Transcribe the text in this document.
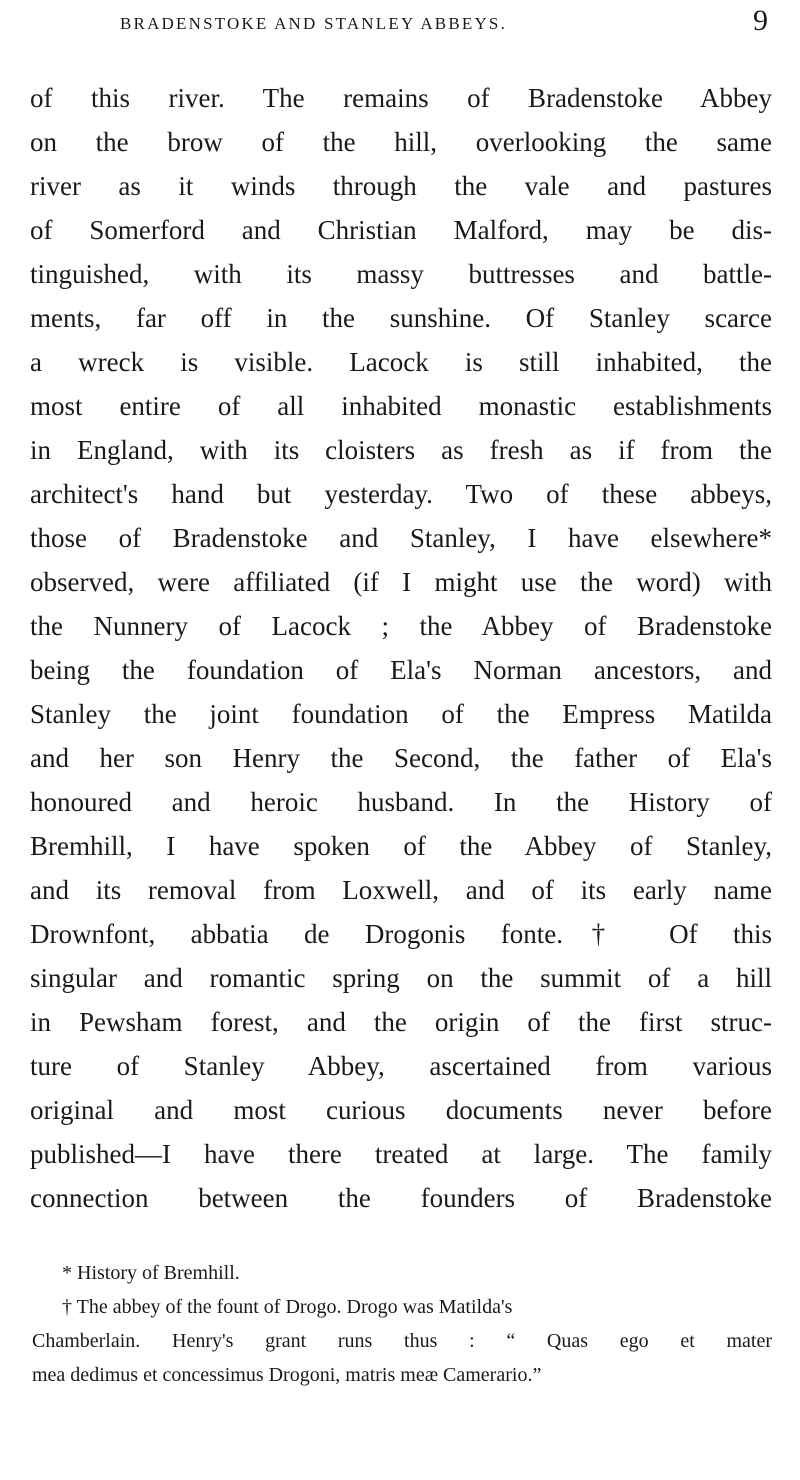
BRADENSTOKE AND STANLEY ABBEYS.	9
of this river. The remains of Bradenstoke Abbey
on the brow of the hill, overlooking the same
river as it winds through the vale and pastures
of Somerford and Christian Malford, may be dis-
tinguished, with its massy buttresses and battle-
ments, far off in the sunshine. Of Stanley scarce
a wreck is visible. Lacock is still inhabited, the
most entire of all inhabited monastic establishments
in England, with its cloisters as fresh as if from the
architect's hand but yesterday. Two of these abbeys,
those of Bradenstoke and Stanley, I have elsewhere*
observed, were affiliated (if I might use the word) with
the Nunnery of Lacock ; the Abbey of Bradenstoke
being the foundation of Ela's Norman ancestors, and
Stanley the joint foundation of the Empress Matilda
and her son Henry the Second, the father of Ela's
honoured and heroic husband. In the History of
Bremhill, I have spoken of the Abbey of Stanley,
and its removal from Loxwell, and of its early name
Drownfont, abbatia de Drogonis fonte.† Of this
singular and romantic spring on the summit of a hill
in Pewsham forest, and the origin of the first struc-
ture of Stanley Abbey, ascertained from various
original and most curious documents never before
published—I have there treated at large. The family
connection between the founders of Bradenstoke
* History of Bremhill.
† The abbey of the fount of Drogo. Drogo was Matilda's
Chamberlain. Henry's grant runs thus : “ Quas ego et mater
mea dedimus et concessimus Drogoni, matris meæ Camerario.”
